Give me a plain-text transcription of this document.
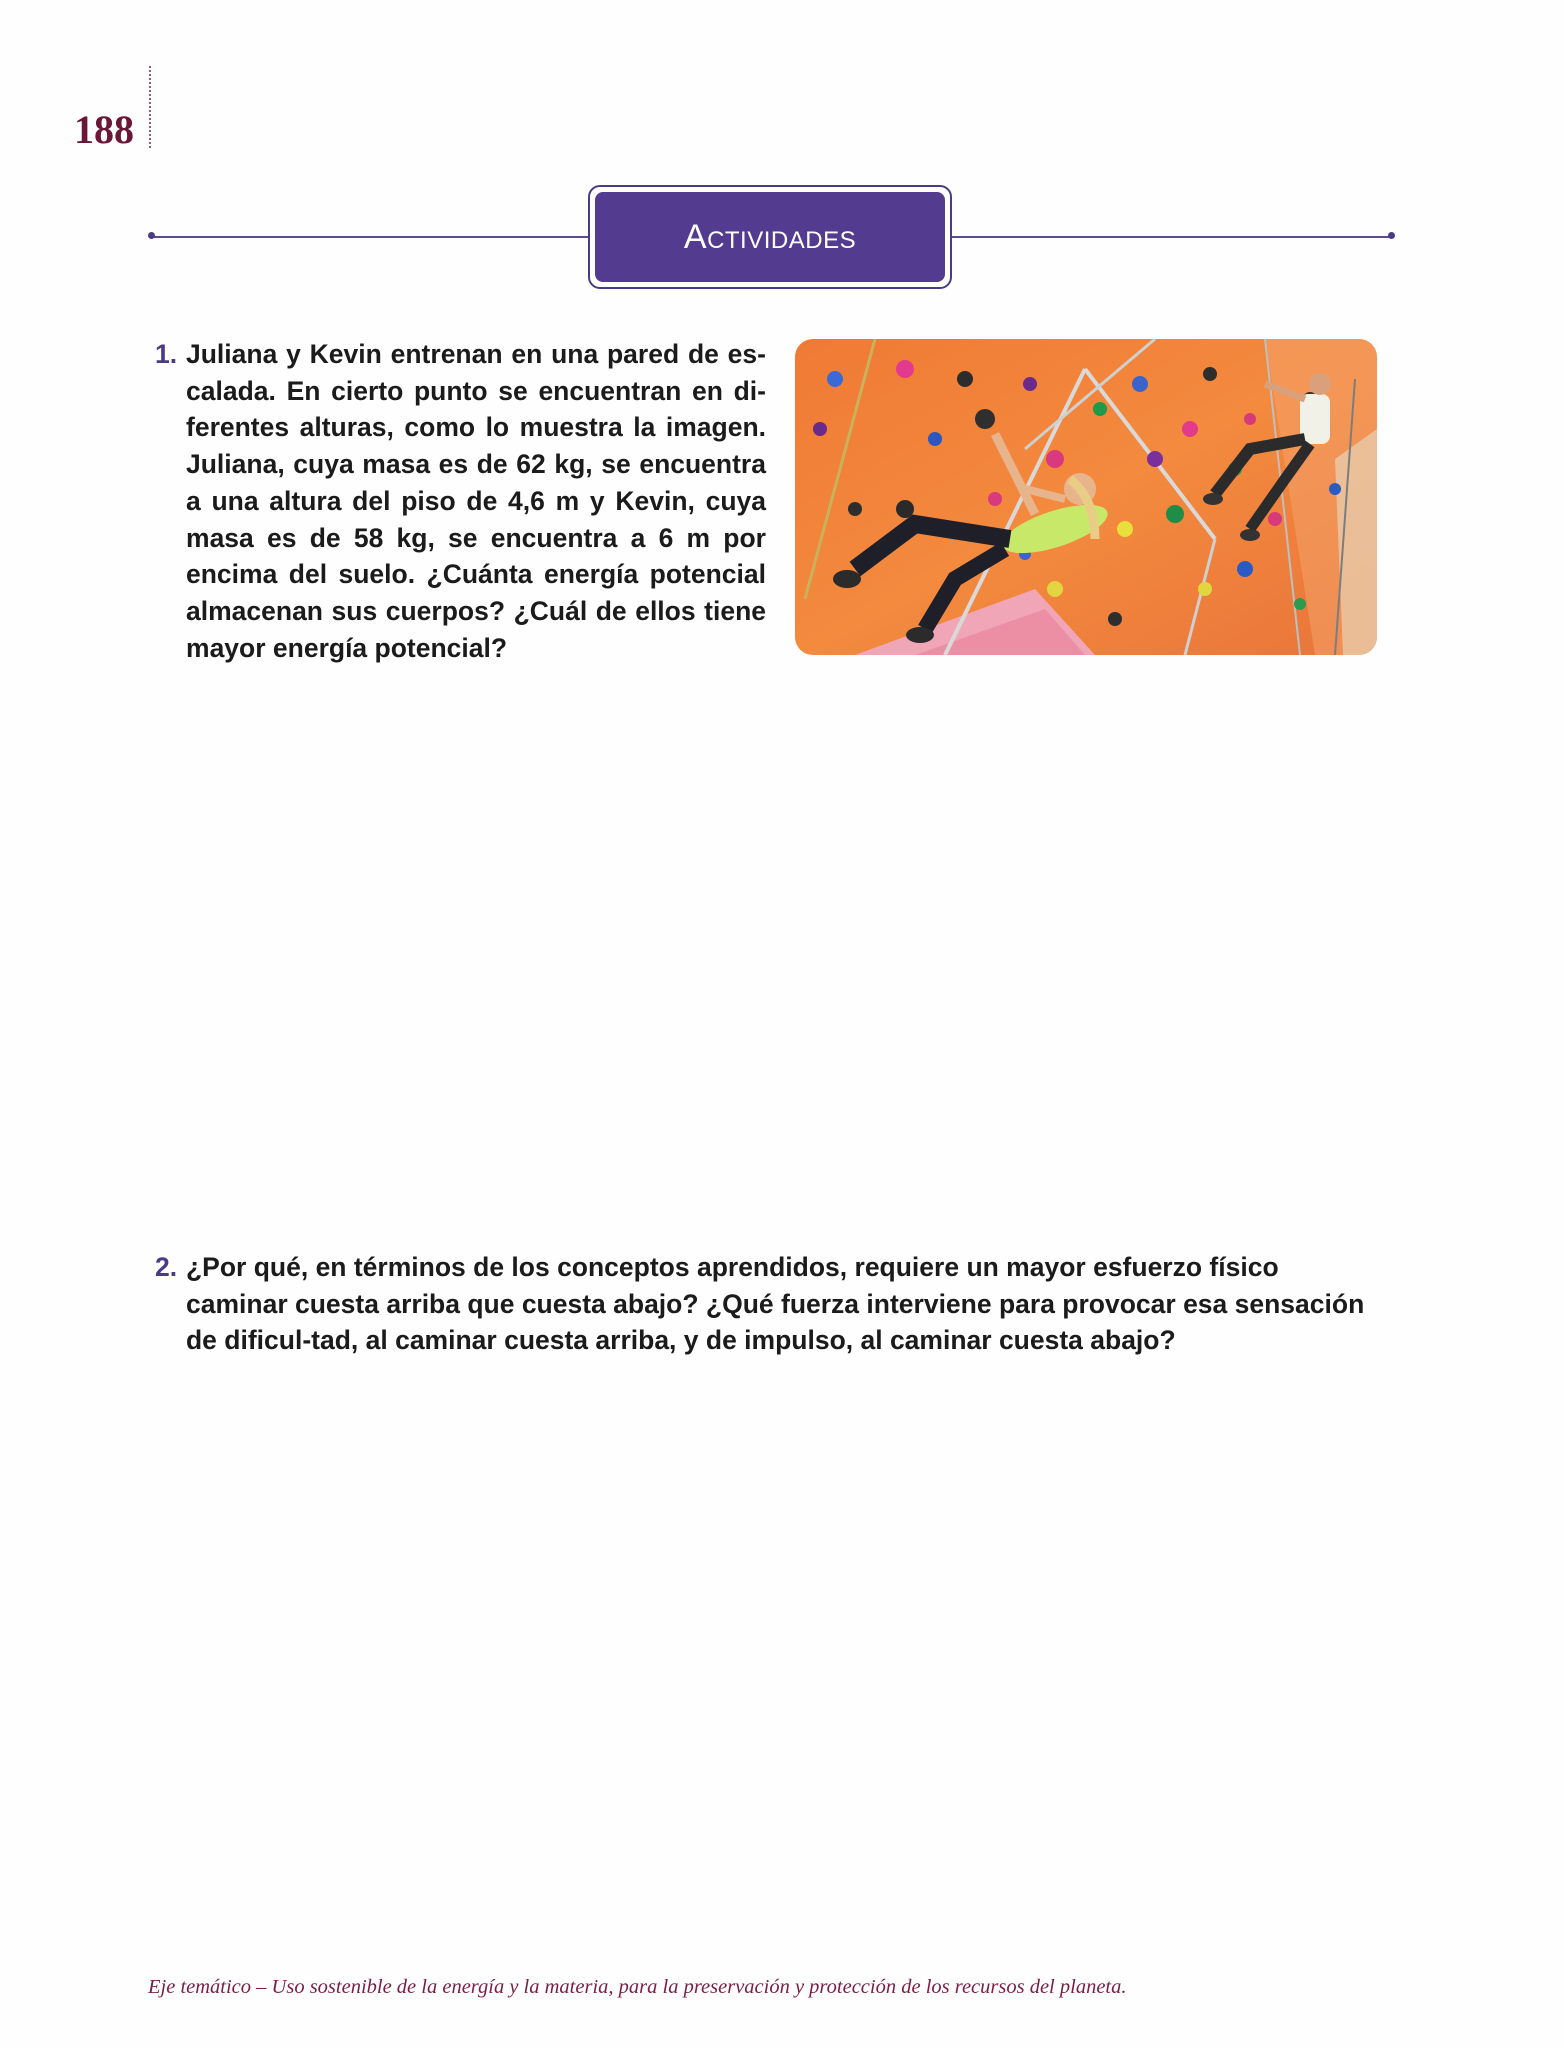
188
Actividades
1. Juliana y Kevin entrenan en una pared de es-calada. En cierto punto se encuentran en di-ferentes alturas, como lo muestra la imagen. Juliana, cuya masa es de 62 kg, se encuentra a una altura del piso de 4,6 m y Kevin, cuya masa es de 58 kg, se encuentra a 6 m por encima del suelo. ¿Cuánta energía potencial almacenan sus cuerpos? ¿Cuál de ellos tiene mayor energía potencial?
2. ¿Por qué, en términos de los conceptos aprendidos, requiere un mayor esfuerzo físico caminar cuesta arriba que cuesta abajo? ¿Qué fuerza interviene para provocar esa sensación de dificul-tad, al caminar cuesta arriba, y de impulso, al caminar cuesta abajo?
Eje temático – Uso sostenible de la energía y la materia, para la preservación y protección de los recursos del planeta.
